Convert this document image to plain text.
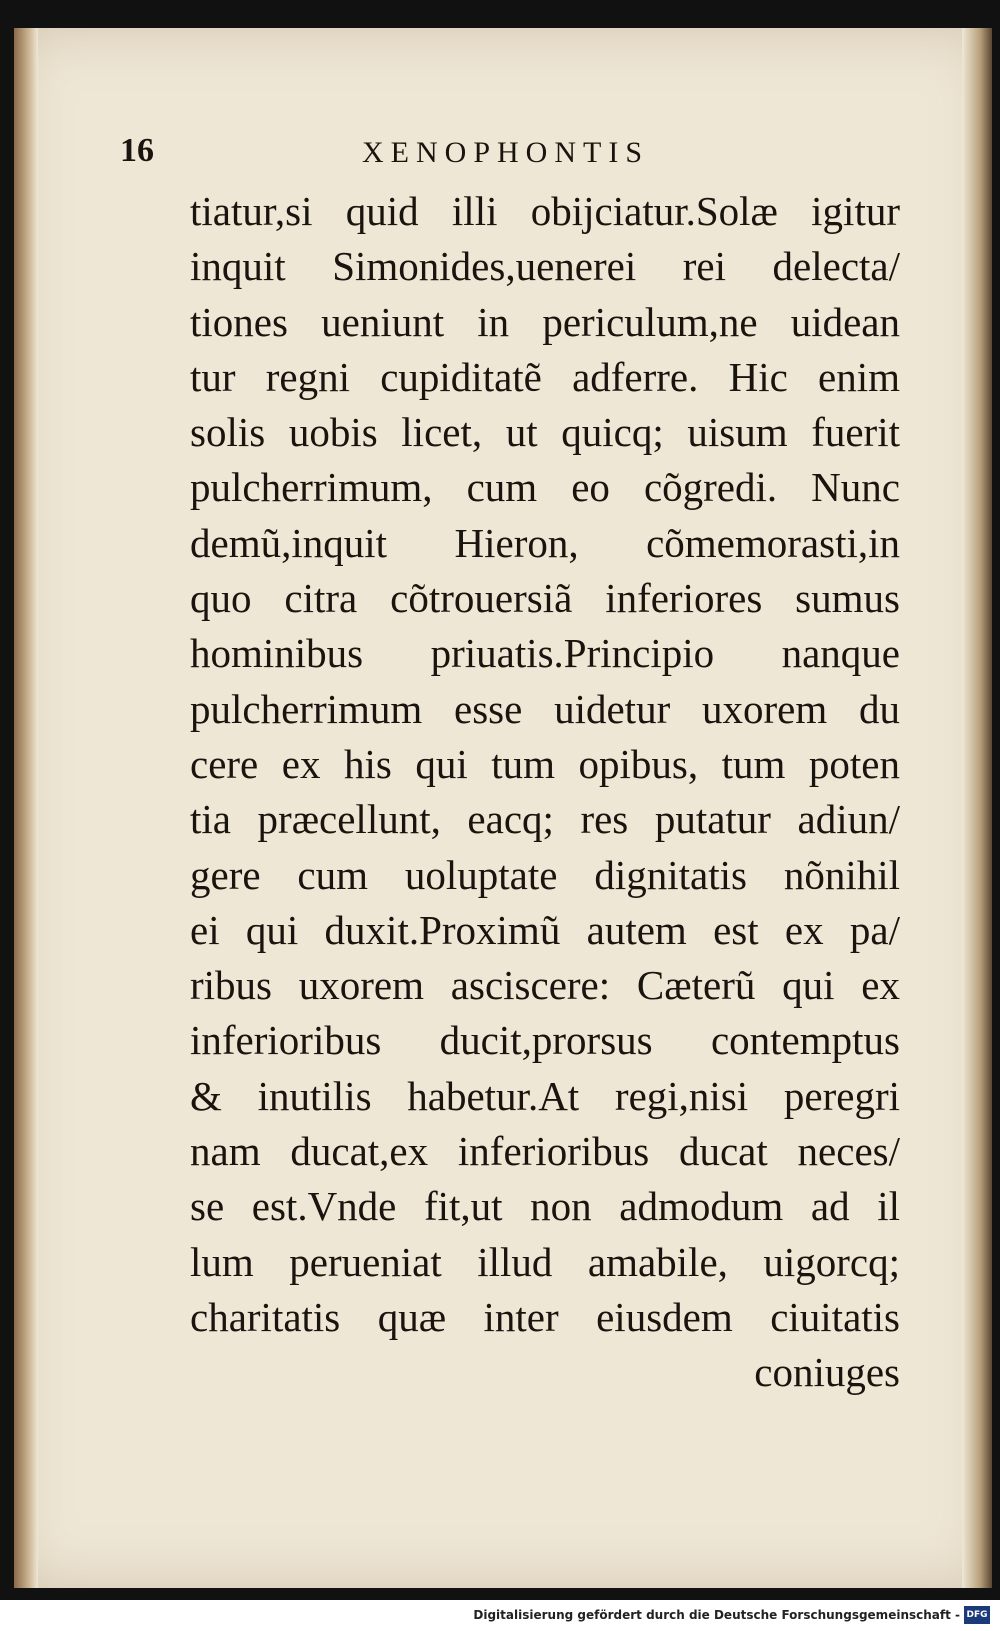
16	XENOPHONTIS
tiatur,si quid illi obijciatur.Solæ igitur
inquit Simonides,uenerei rei delecta/
tiones ueniunt in periculum,ne uidean
tur regni cupiditatẽ adferre. Hic enim
solis uobis licet, ut quicq; uisum fuerit
pulcherrimum, cum eo cõgredi. Nunc
demũ,inquit Hieron, cõmemorasti,in
quo citra cõtrouersiã inferiores sumus
hominibus priuatis.Principio nanque
pulcherrimum esse uidetur uxorem du
cere ex his qui tum opibus, tum poten
tia præcellunt, eacq; res putatur adiun/
gere cum uoluptate dignitatis nõnihil
ei qui duxit.Proximũ autem est ex pa/
ribus uxorem asciscere: Cæterũ qui ex
inferioribus ducit,prorsus contemptus
& inutilis habetur.At regi,nisi peregri
nam ducat,ex inferioribus ducat neces/
se est.Vnde fit,ut non admodum ad il
lum perueniat illud amabile, uigorcq;
charitatis quæ inter eiusdem ciuitatis
coniuges
Digitalisierung gefördert durch die Deutsche Forschungsgemeinschaft - DFG
